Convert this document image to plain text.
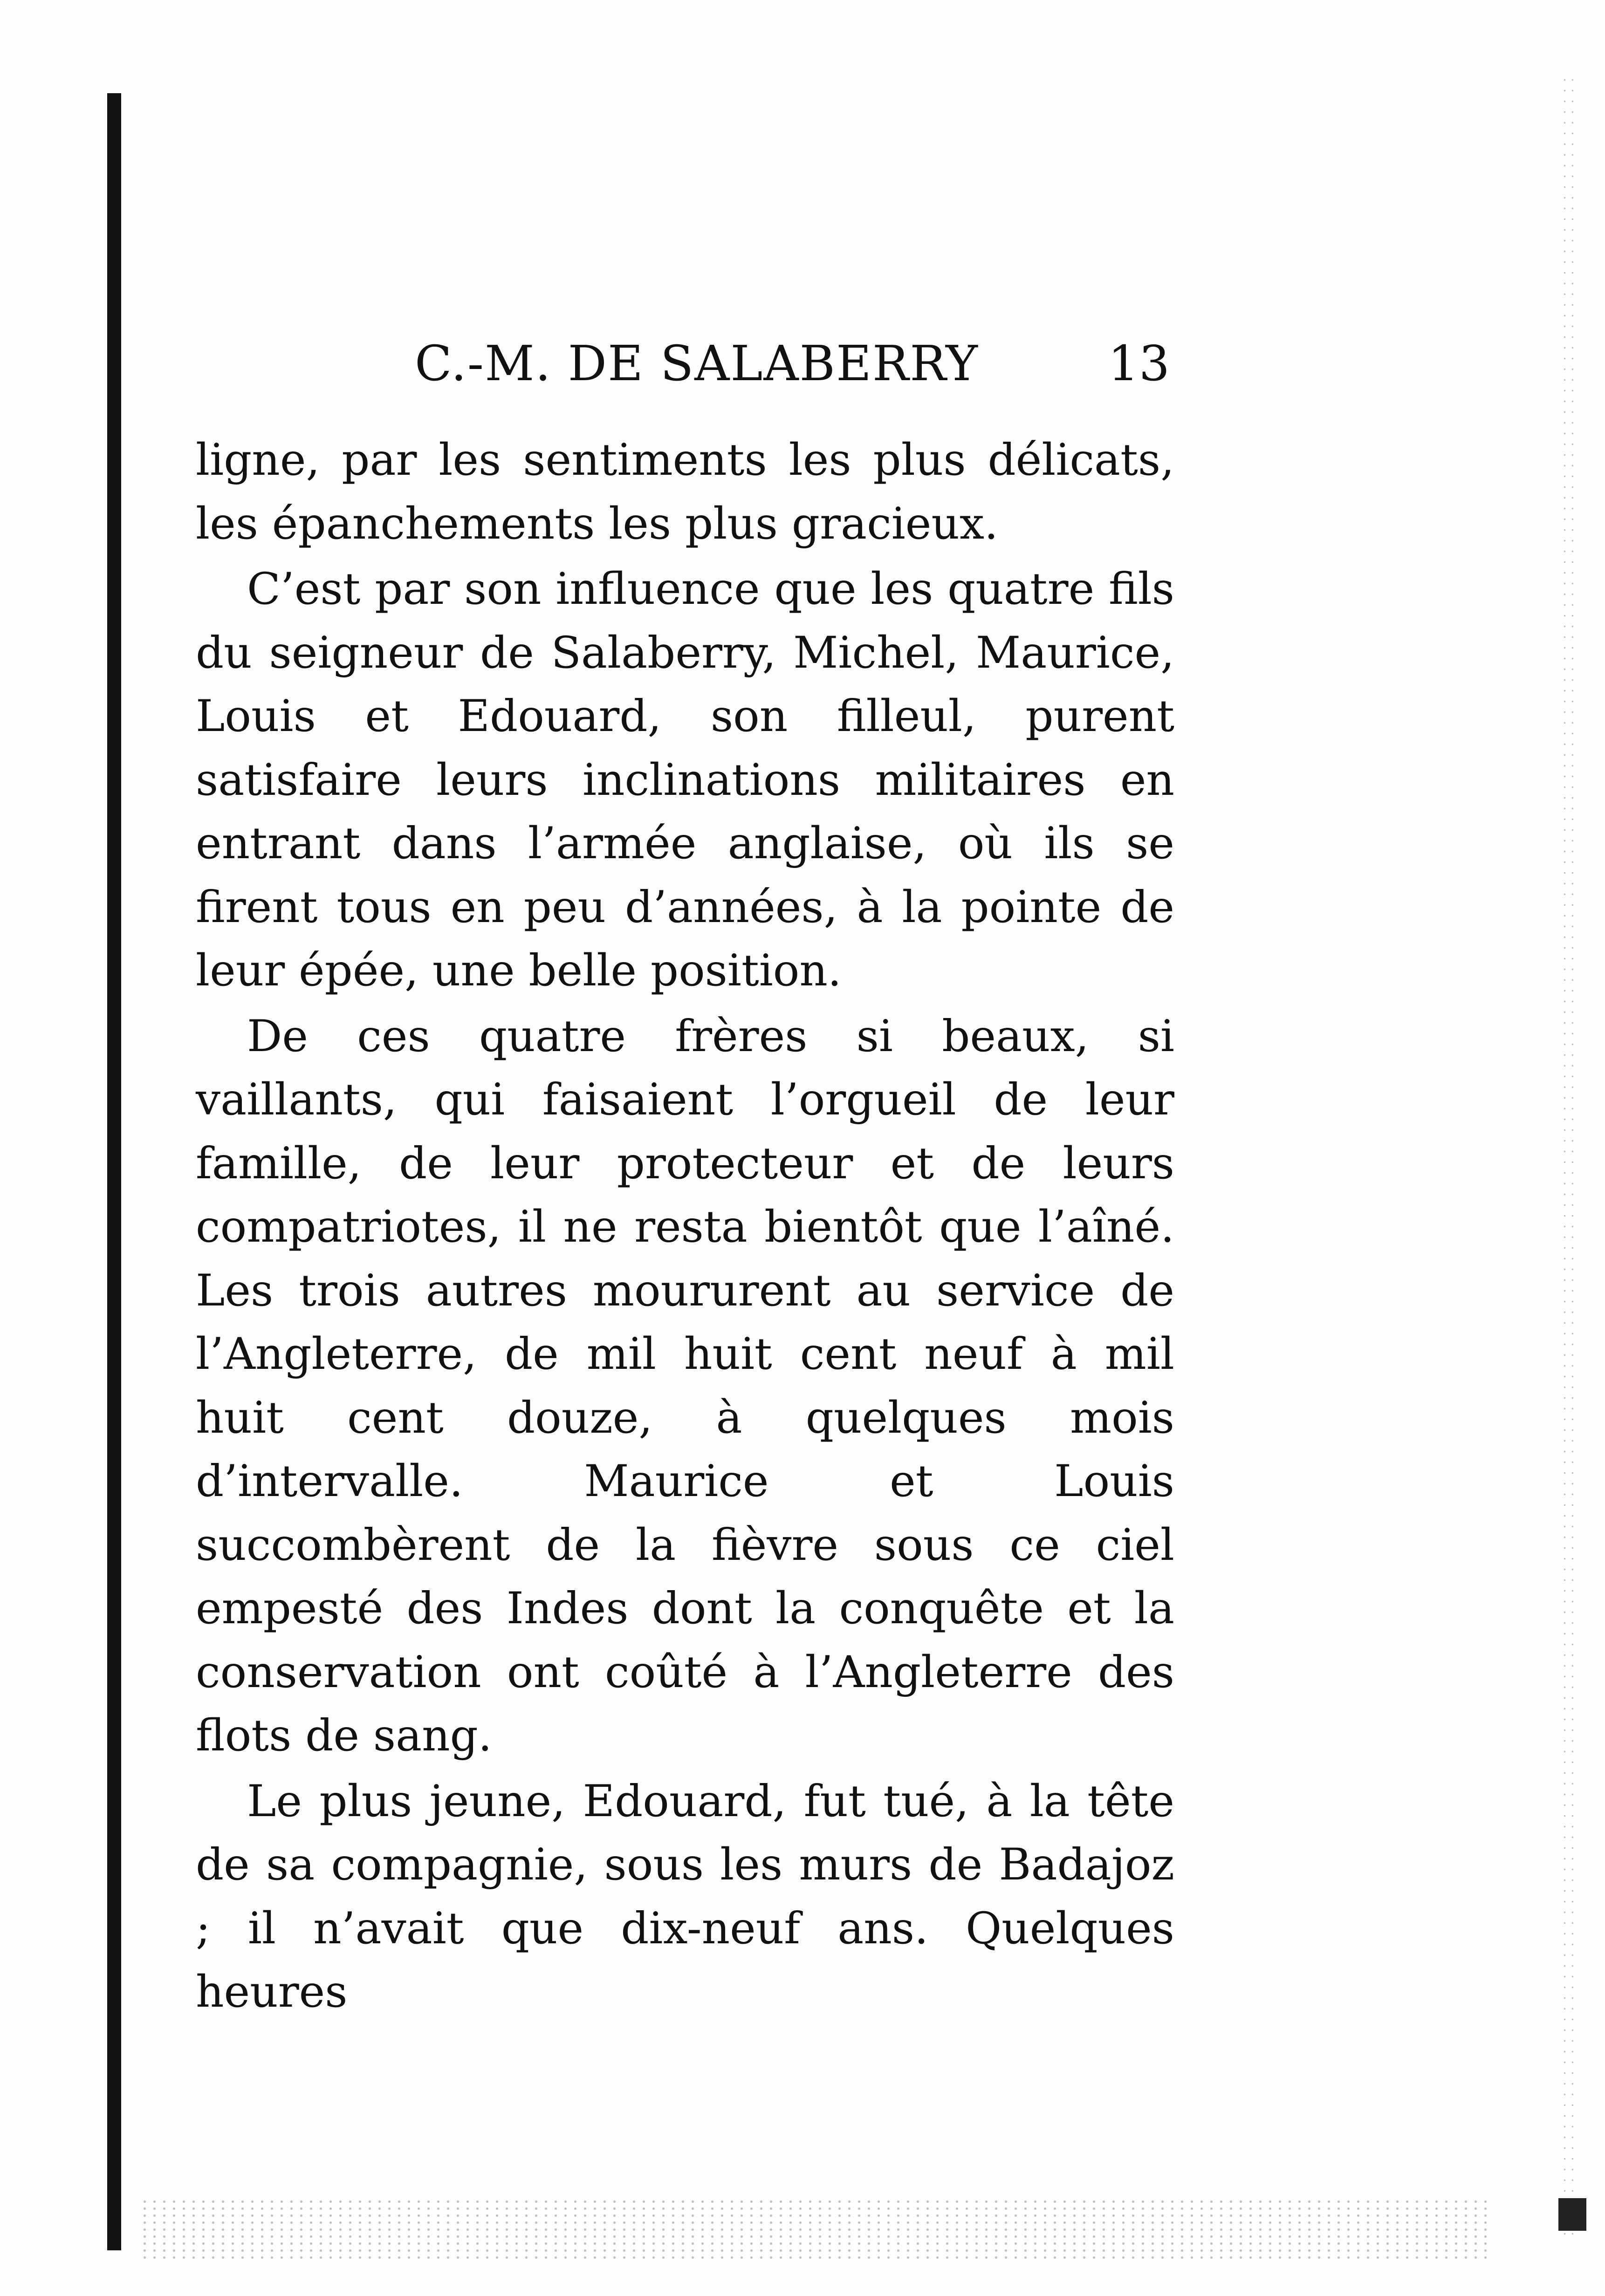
C.-M. DE SALABERRY	13

ligne, par les sentiments les plus délicats, les épanchements les plus gracieux.

C’est par son influence que les quatre fils du seigneur de Salaberry, Michel, Maurice, Louis et Edouard, son filleul, purent satisfaire leurs inclinations militaires en entrant dans l’armée anglaise, où ils se firent tous en peu d’années, à la pointe de leur épée, une belle position.

De ces quatre frères si beaux, si vaillants, qui faisaient l’orgueil de leur famille, de leur protecteur et de leurs compatriotes, il ne resta bientôt que l’aîné. Les trois autres moururent au service de l’Angleterre, de mil huit cent neuf à mil huit cent douze, à quelques mois d’intervalle. Maurice et Louis succombèrent de la fièvre sous ce ciel empesté des Indes dont la conquête et la conservation ont coûté à l’Angleterre des flots de sang.

Le plus jeune, Edouard, fut tué, à la tête de sa compagnie, sous les murs de Badajoz ; il n’avait que dix-neuf ans. Quelques heures
